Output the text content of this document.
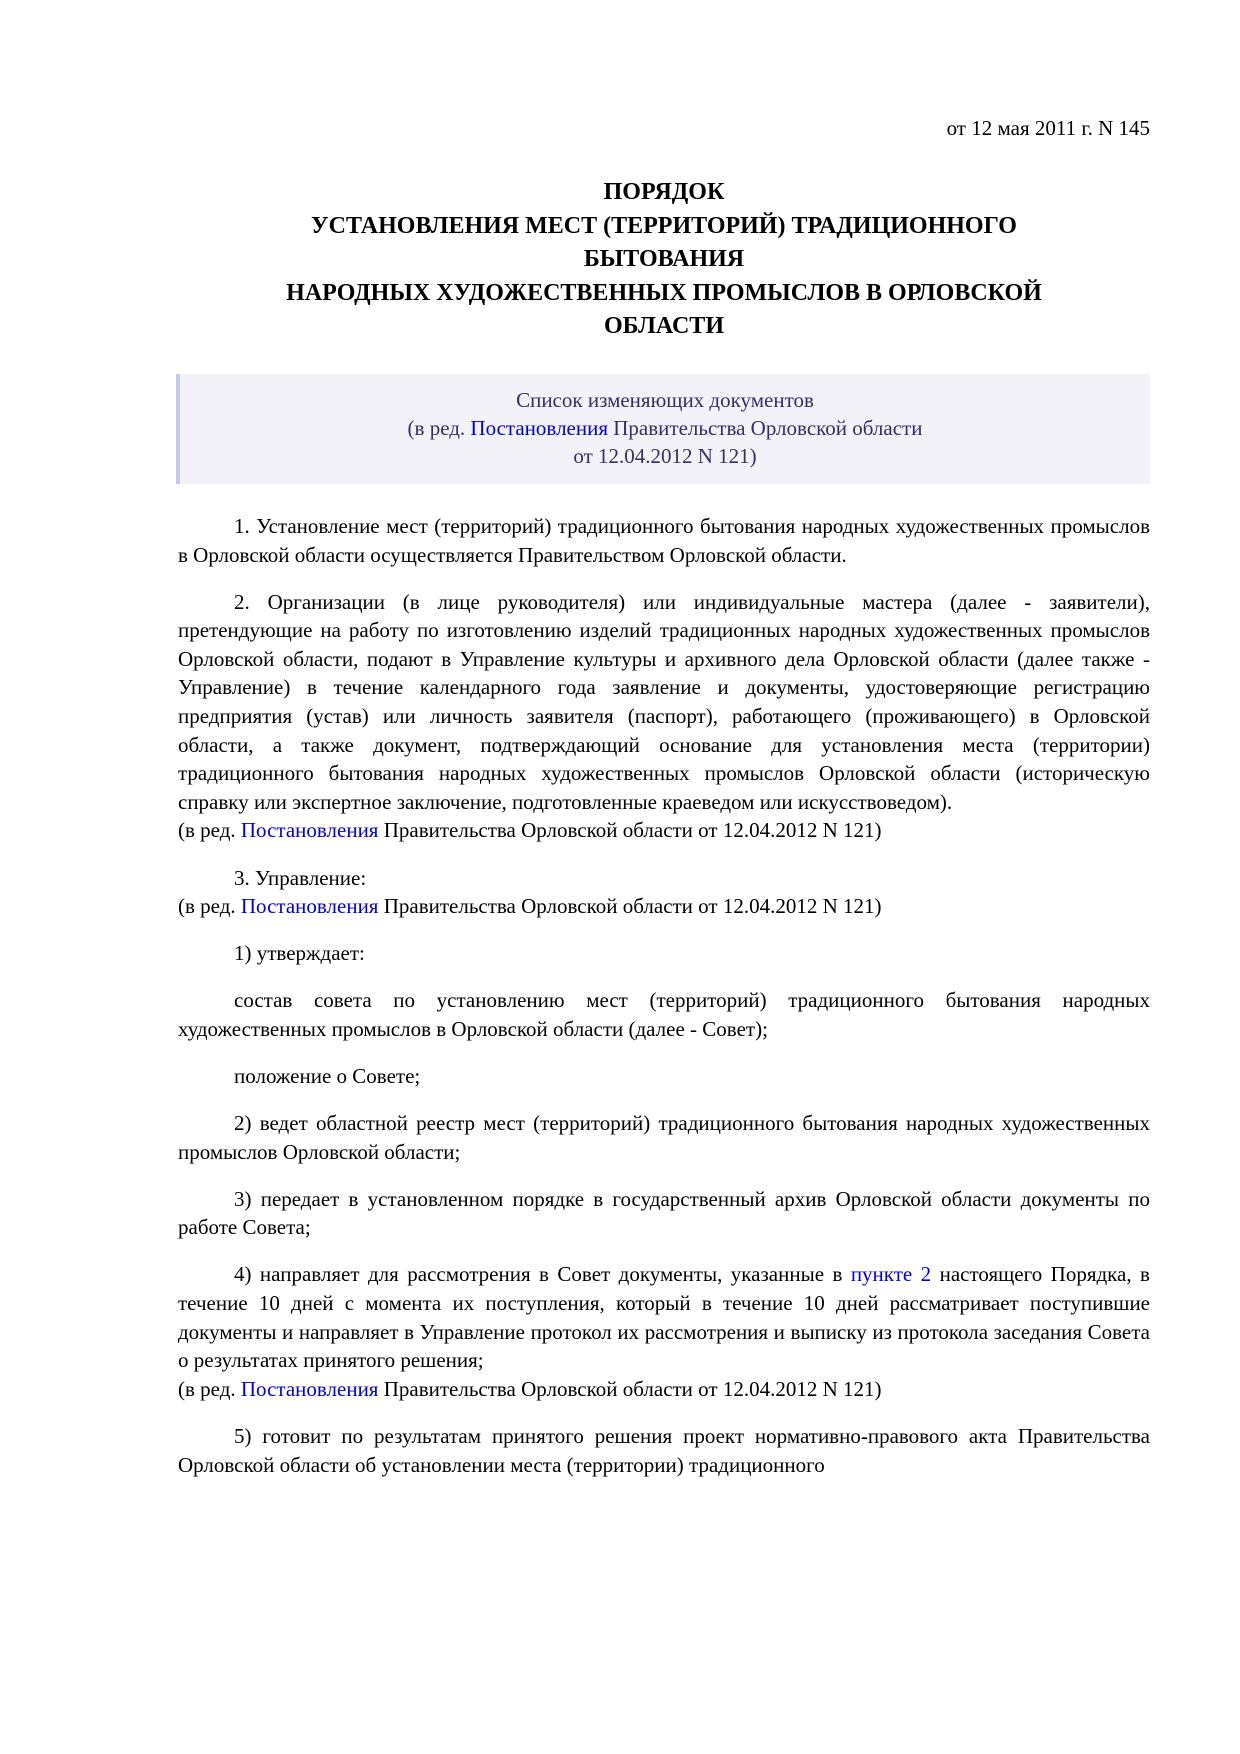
от 12 мая 2011 г. N 145
ПОРЯДОК
УСТАНОВЛЕНИЯ МЕСТ (ТЕРРИТОРИЙ) ТРАДИЦИОННОГО
БЫТОВАНИЯ
НАРОДНЫХ ХУДОЖЕСТВЕННЫХ ПРОМЫСЛОВ В ОРЛОВСКОЙ
ОБЛАСТИ
Список изменяющих документов
(в ред. Постановления Правительства Орловской области
от 12.04.2012 N 121)

1. Установление мест (территорий) традиционного бытования народных художественных промыслов в Орловской области осуществляется Правительством Орловской области.

2. Организации (в лице руководителя) или индивидуальные мастера (далее - заявители), претендующие на работу по изготовлению изделий традиционных народных художественных промыслов Орловской области, подают в Управление культуры и архивного дела Орловской области (далее также - Управление) в течение календарного года заявление и документы, удостоверяющие регистрацию предприятия (устав) или личность заявителя (паспорт), работающего (проживающего) в Орловской области, а также документ, подтверждающий основание для установления места (территории) традиционного бытования народных художественных промыслов Орловской области (историческую справку или экспертное заключение, подготовленные краеведом или искусствоведом).

(в ред. Постановления Правительства Орловской области от 12.04.2012 N 121)

3. Управление:

(в ред. Постановления Правительства Орловской области от 12.04.2012 N 121)

1) утверждает:

состав совета по установлению мест (территорий) традиционного бытования народных художественных промыслов в Орловской области (далее - Совет);

положение о Совете;

2) ведет областной реестр мест (территорий) традиционного бытования народных художественных промыслов Орловской области;

3) передает в установленном порядке в государственный архив Орловской области документы по работе Совета;

4) направляет для рассмотрения в Совет документы, указанные в пункте 2 настоящего Порядка, в течение 10 дней с момента их поступления, который в течение 10 дней рассматривает поступившие документы и направляет в Управление протокол их рассмотрения и выписку из протокола заседания Совета о результатах принятого решения;

(в ред. Постановления Правительства Орловской области от 12.04.2012 N 121)

5) готовит по результатам принятого решения проект нормативно-правового акта Правительства Орловской области об установлении места (территории) традиционного
